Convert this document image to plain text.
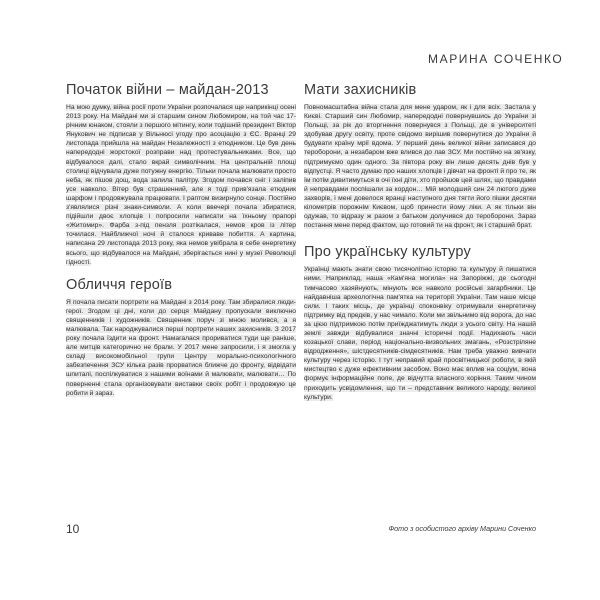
МАРИНА СОЧЕНКО
Початок війни – майдан-2013

На мою думку, війна росії проти України розпочалася ще наприкінці осені 2013 року. На Майдані ми зі старшим сином Любомиром, на той час 17-річним юнаком, стояли з першого мітингу, коли тодішній президент Віктор Янукович не підписав у Вільнюсі угоду про асоціацію з ЄС. Вранці 29 листопада прийшла на майдан Незалежності з етюдником. Це був день напередодні жорстокої розправи над протестувальниками. Все, що відбувалося далі, стало вкрай символічним. На центральній площі столиці відчувала дуже потужну енергію. Тільки почала малювати просто неба, як пішов дощ, вода залила палітру. Згодом почався сніг і заліпив усе навколо. Вітер був страшенний, але я тоді прив'язала етюдник шарфом і продовжувала працювати. І раптом визирнуло сонце. Постійно з'являлися різні знаки-символи. А коли ввечері почала збиратися, підійшли двоє хлопців і попросили написати на їхньому прапорі «Житомир». Фарба з-під пензля розтікалася, немов кров із літер точилася. Найближчої ночі й сталося криваве побиття. А картина, написана 29 листопада 2013 року, яка немов увібрала в себе енергетику всього, що відбувалося на Майдані, зберігається нині у музеї Революції гідності.

Обличчя героїв

Я почала писати портрети на Майдані з 2014 року. Там збиралися люди-герої. Згодом ці дні, коли до серця Майдану пропускали виключно священників і художників. Священник поруч зі мною молився, а я малювала. Так народжувалися перші портрети наших захисників. З 2017 року почала їздити на фронт. Намагалася прориватися туди ще раніше, але митців категорично не брали. У 2017 мене запросили, і я змогла у складі високомобільної групи Центру морально-психологічного забезпечення ЗСУ кілька разів прорватися ближче до фронту, відвідати шпиталі, поспілкуватися з нашими воїнами й малювати, малювати… По поверненні стала організовувати виставки своїх робіт і продовжую це робити й зараз.

Мати захисників

Повномасштабна війна стала для мене ударом, як і для всіх. Застала у Києві. Старший син Любомир, напередодні повернувшись до України зі Польщі, за рік до вторгнення повернувся з Польщі, де в університеті здобував другу освіту, проте свідомо вирішив повернутися до України й будувати країну мрії вдома. У перший день великої війни записався до тероборони, а незабаром вже влився до лав ЗСУ. Ми постійно на зв'язку, підтримуємо один одного. За півтора року він лише десять днів був у відпустці. Я часто думаю про наших хлопців і дівчат на фронті й про те, як їм потім дивитимуться в очі їхні діти, хто пройшов цей шлях, що правдами й неправдами поспішали за кордон… Мій молодший син 24 лютого дуже захворів, і мені довелося вранці наступного дня тягти його пішки десятки кілометрів порожнім Києвом, щоб принести йому ліки. А як тільки він одужав, то відразу ж разом з батьком долучився до тероборони. Зараз постання мене перед фактом, що готовий ти на фронт, як і старший брат.

Про українську культуру

Українці мають знати свою тисячолітню історію та культуру й пишатися ними. Наприклад, наша «Кам'яна могила» на Запоріжжі, де сьогодні тимчасово хазяйнують, мінують все навколо російські загарбники. Це найдавніша археологічна пам'ятка на території України. Там наше місце сили. І таких місць, де українці споконвіку отримували енергетичну підтримку від предків, у нас чимало. Коли ми звільнимо від ворога, до нас за цією підтримкою потім приїжджатимуть люди з усього світу. На нашій землі завжди відбувалися значні історичні події. Надихають часи козацької слави, період національно-визвольних змагань, «Розстріляне відродження», шістдесятників-сімдесятників. Нам треба уважно вивчати культуру через історію. І тут неправий край просвітницької роботи, в якій мистецтво є дуже ефективним засобом. Воно має вплив на соціум, вона формує інформаційне поле, де відчутта власного коріння. Таким чином приходить усвідомлення, що ти – представник великого народу, великої культури.

10	Фото з особистого архіву Марини Соченко
